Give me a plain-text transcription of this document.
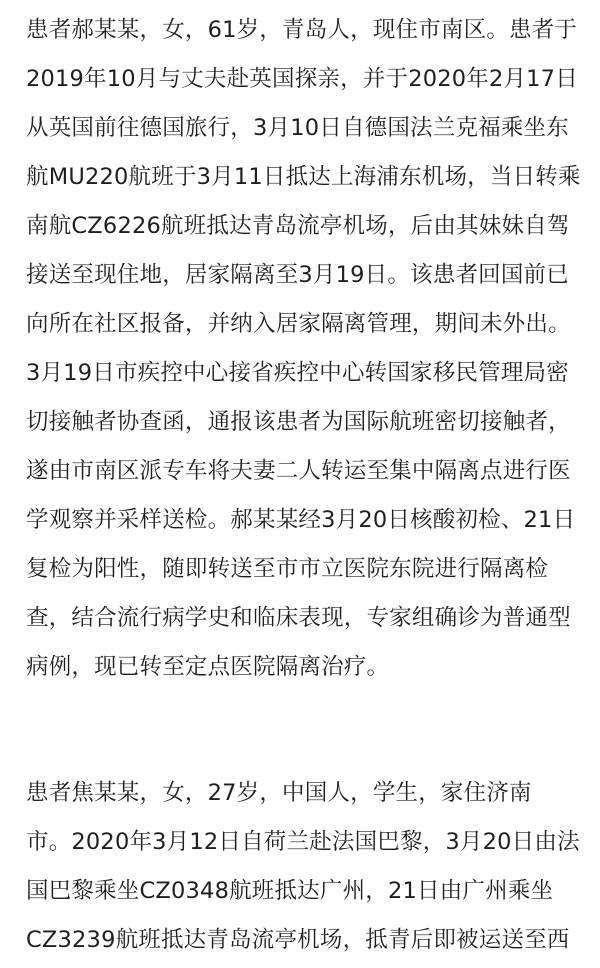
患者郝某某，女，61岁，青岛人，现住市南区。患者于
2019年10月与丈夫赴英国探亲，并于2020年2月17日
从英国前往德国旅行，3月10日自德国法兰克福乘坐东
航MU220航班于3月11日抵达上海浦东机场，当日转乘
南航CZ6226航班抵达青岛流亭机场，后由其妹妹自驾
接送至现住地，居家隔离至3月19日。该患者回国前已
向所在社区报备，并纳入居家隔离管理，期间未外出。
3月19日市疾控中心接省疾控中心转国家移民管理局密
切接触者协查函，通报该患者为国际航班密切接触者，
遂由市南区派专车将夫妻二人转运至集中隔离点进行医
学观察并采样送检。郝某某经3月20日核酸初检、21日
复检为阳性，随即转送至市市立医院东院进行隔离检
查，结合流行病学史和临床表现，专家组确诊为普通型
病例，现已转至定点医院隔离治疗。
患者焦某某，女，27岁，中国人，学生，家住济南
市。2020年3月12日自荷兰赴法国巴黎，3月20日由法
国巴黎乘坐CZ0348航班抵达广州，21日由广州乘坐
CZ3239航班抵达青岛流亭机场，抵青后即被运送至西
